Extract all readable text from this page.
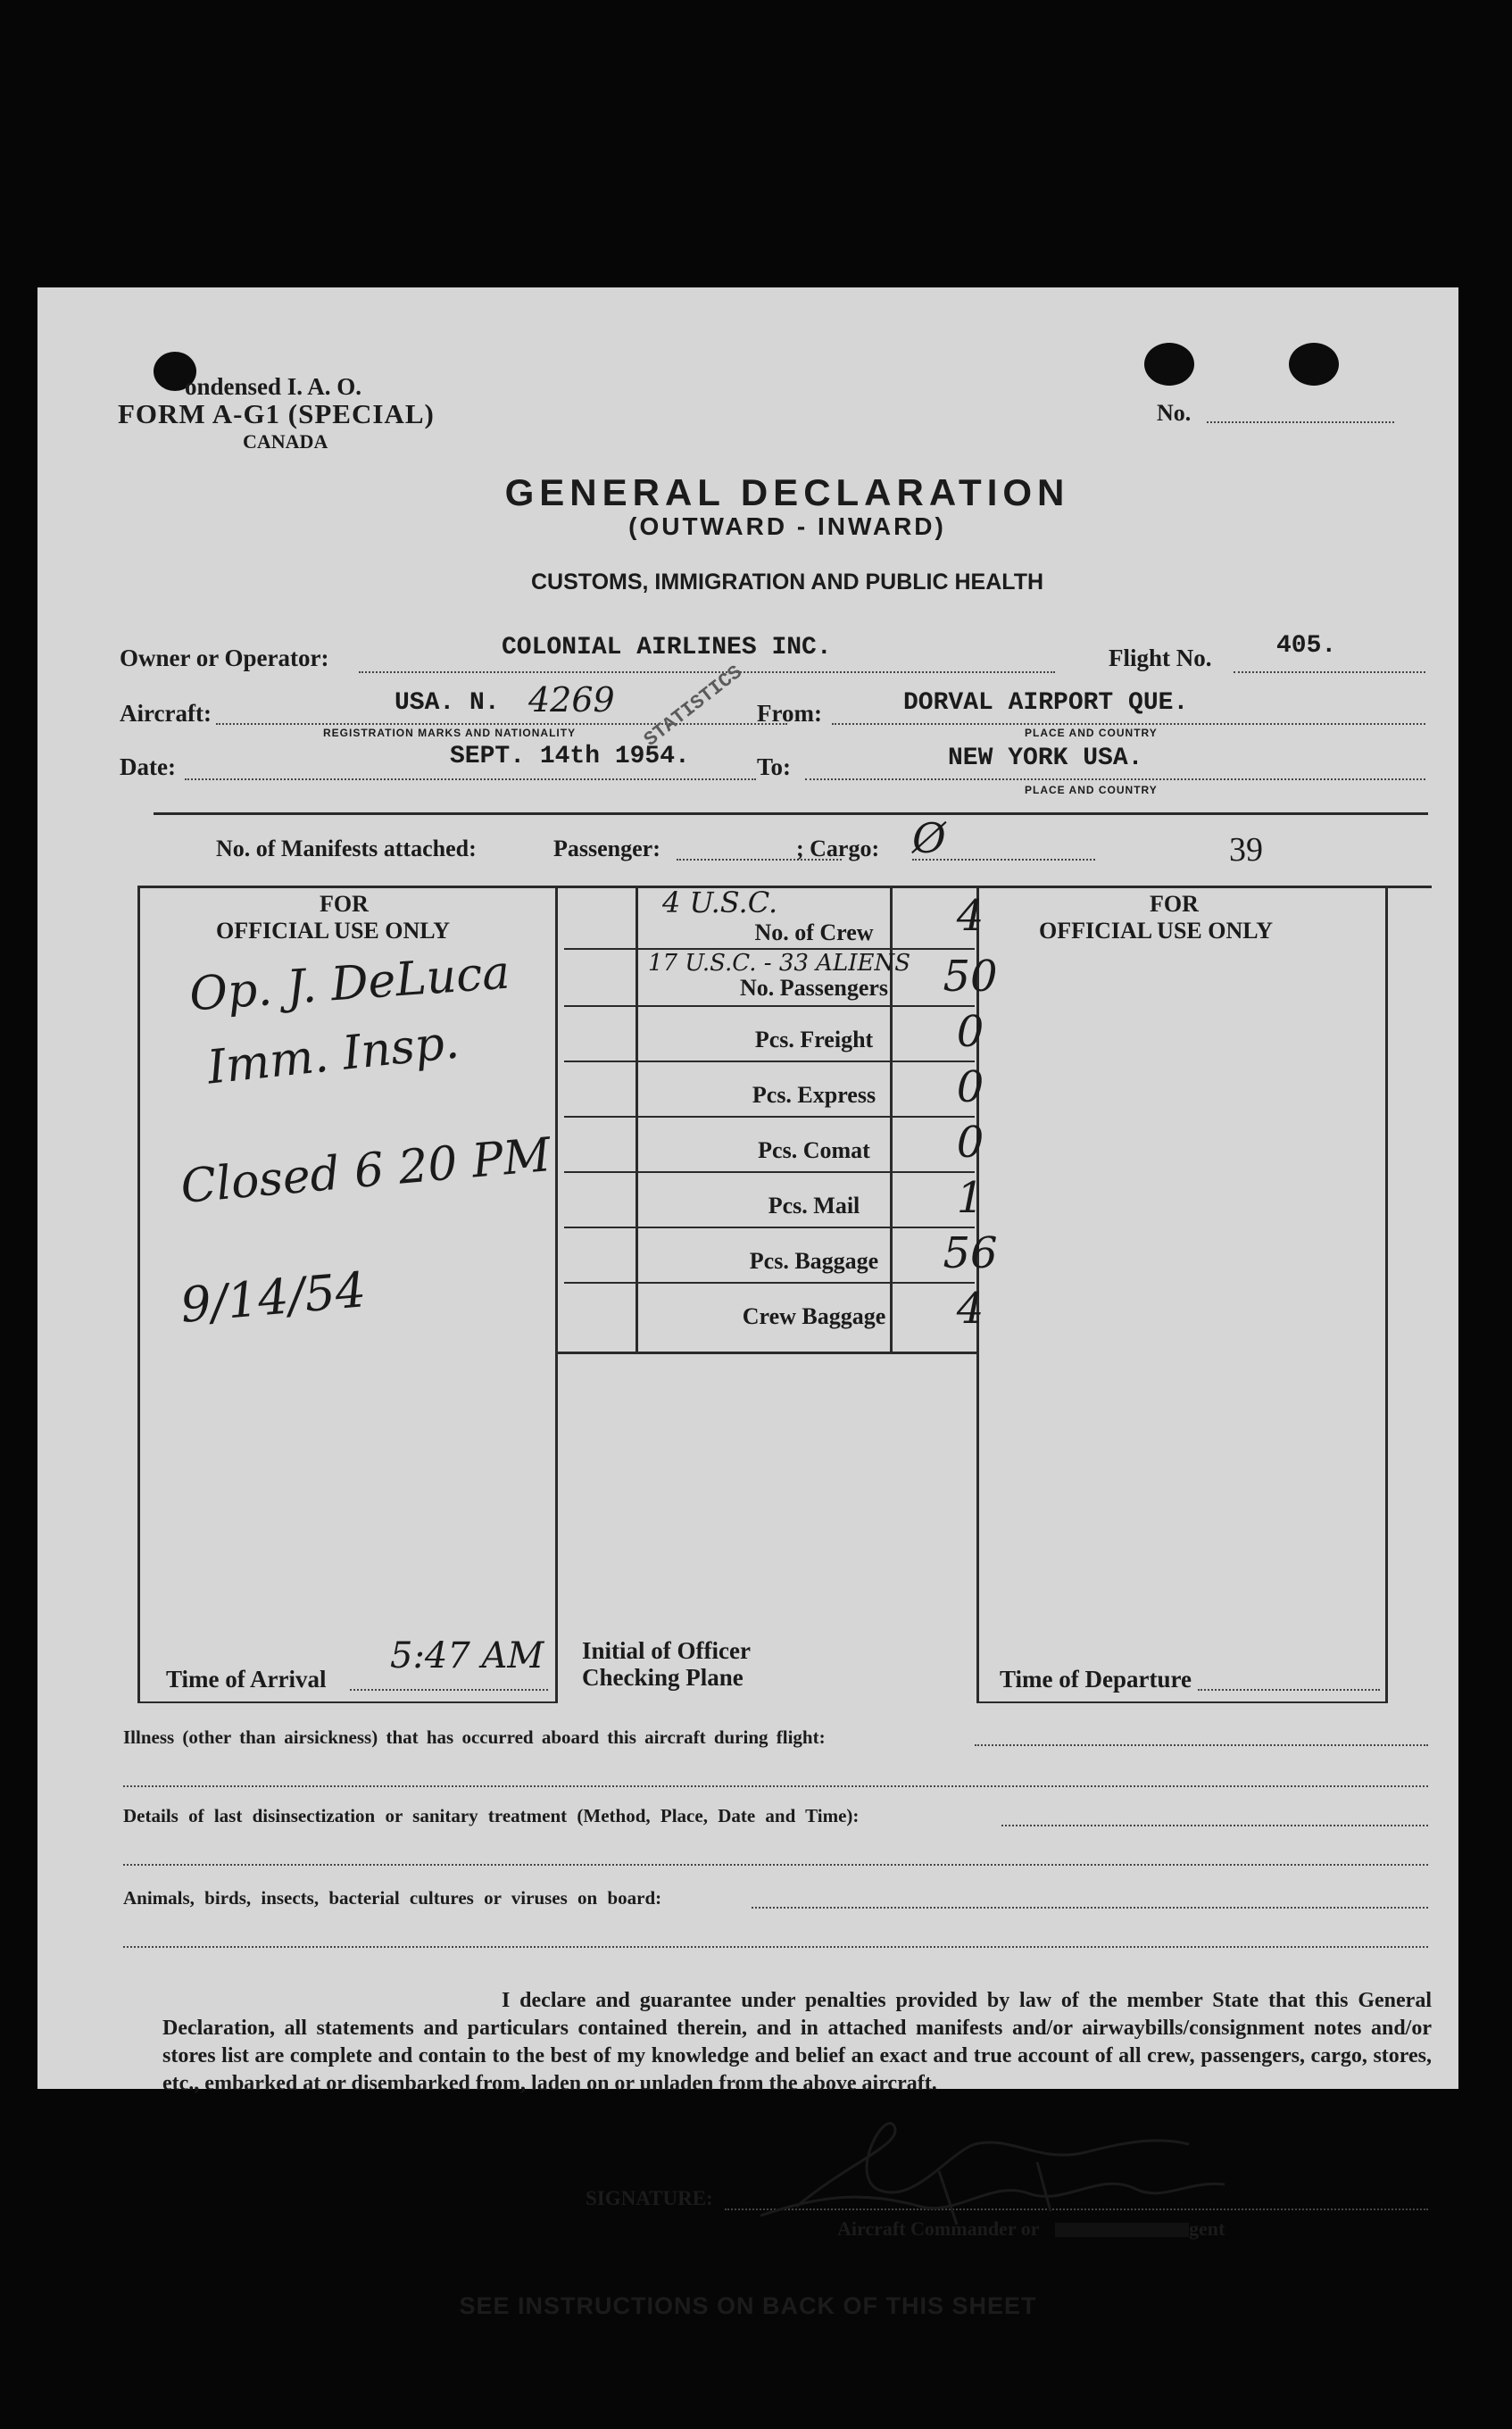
ondensed I. A. O.
FORM A-G1 (SPECIAL)
CANADA
No.
GENERAL DECLARATION
(OUTWARD - INWARD)
CUSTOMS, IMMIGRATION AND PUBLIC HEALTH
Owner or Operator:	COLONIAL AIRLINES INC.	Flight No.	405.
Aircraft:	USA. N. 4269
REGISTRATION MARKS AND NATIONALITY
From:	DORVAL AIRPORT QUE.
PLACE AND COUNTRY
Date:	SEPT. 14th 1954.
STATISTICS
To:	NEW YORK USA.
PLACE AND COUNTRY
No. of Manifests attached:	Passenger:	; Cargo: Ø	39
FOR
OFFICIAL USE ONLY
Op. J. DeLuca
Imm. Insp.
Closed 6 20 PM
9/14/54
Time of Arrival
5:47 AM
4 U.S.C.
No. of Crew	4
17 U.S.C. - 33 ALIENS
No. Passengers	50
Pcs. Freight	0
Pcs. Express	0
Pcs. Comat	0
Pcs. Mail	1
Pcs. Baggage	56
Crew Baggage	4
Initial of Officer
Checking Plane
FOR
OFFICIAL USE ONLY
Time of Departure
Illness (other than airsickness) that has occurred aboard this aircraft during flight:
Details of last disinsectization or sanitary treatment (Method, Place, Date and Time):
Animals, birds, insects, bacterial cultures or viruses on board:
I declare and guarantee under penalties provided by law of the member State that this General Declaration, all statements and particulars contained therein, and in attached manifests and/or airwaybills/consignment notes and/or stores list are complete and contain to the best of my knowledge and belief an exact and true account of all crew, passengers, cargo, stores, etc., embarked at or disembarked from, laden on or unladen from the above aircraft.
SIGNATURE:
Aircraft Commander or	gent
SEE INSTRUCTIONS ON BACK OF THIS SHEET
